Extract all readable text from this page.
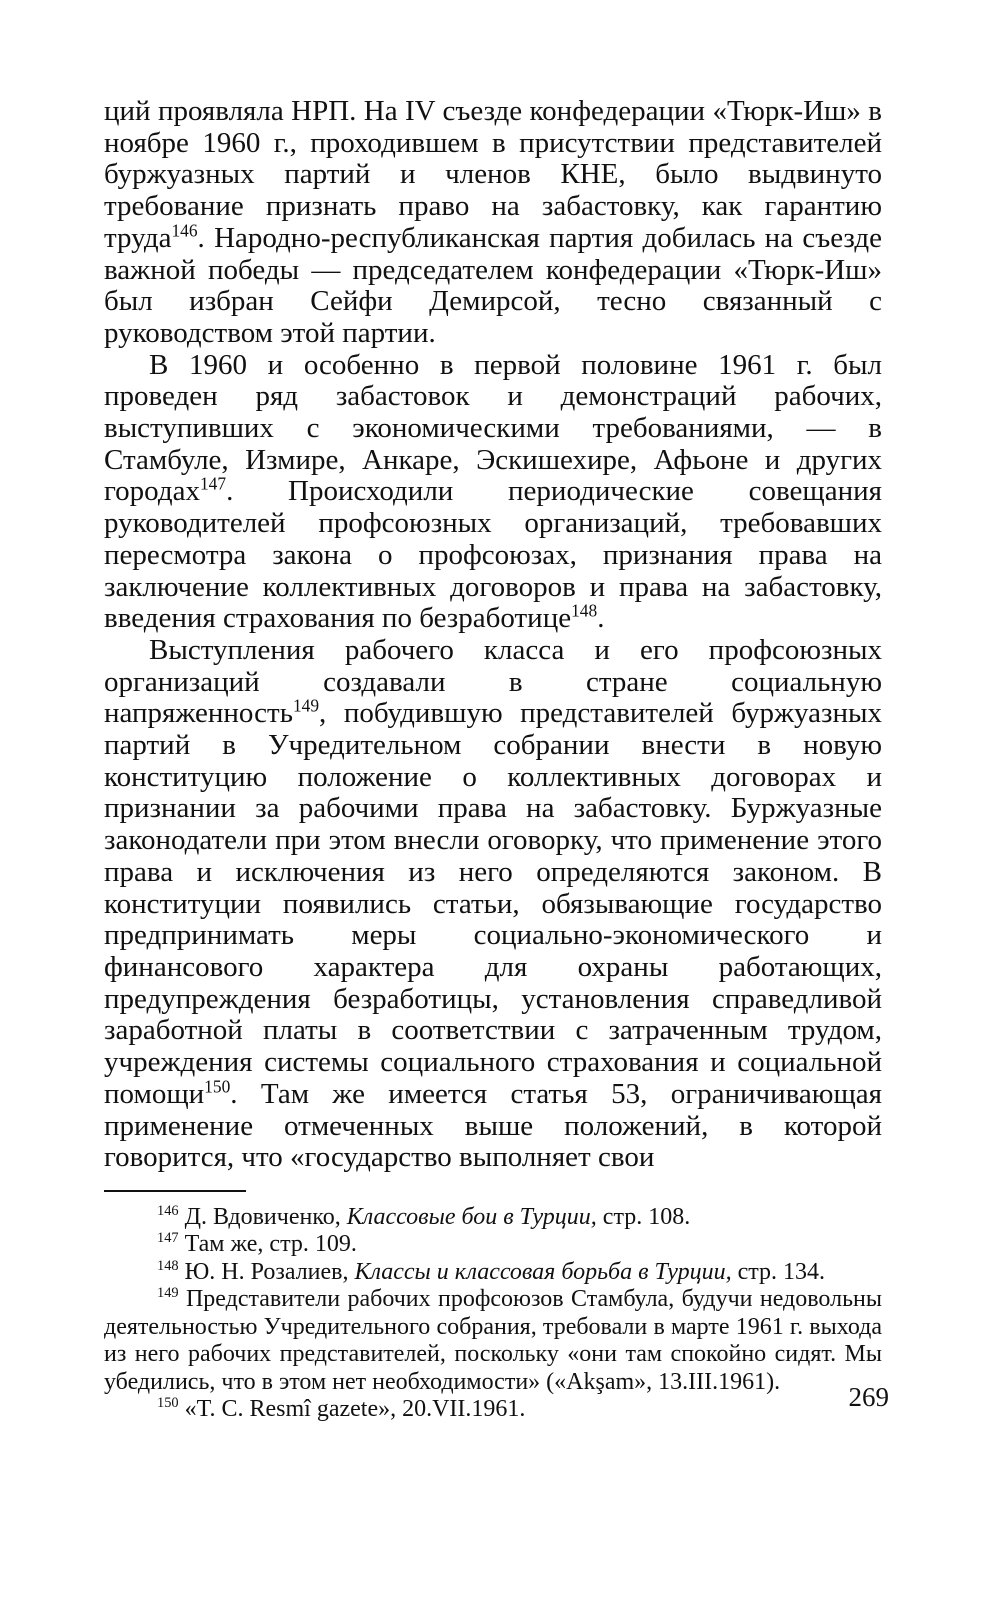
ций проявляла НРП. На IV съезде конфедерации «Тюрк-Иш» в ноябре 1960 г., проходившем в присутствии представителей буржуазных партий и членов КНЕ, было выдвинуто требование признать право на забастовку, как гарантию труда$^{146}$. Народно-республиканская партия добилась на съезде важной победы — председателем конфедерации «Тюрк-Иш» был избран Сейфи Демирсой, тесно связанный с руководством этой партии.

В 1960 и особенно в первой половине 1961 г. был проведен ряд забастовок и демонстраций рабочих, выступивших с экономическими требованиями, — в Стамбуле, Измире, Анкаре, Эскишехире, Афьоне и других городах$^{147}$. Происходили периодические совещания руководителей профсоюзных организаций, требовавших пересмотра закона о профсоюзах, признания права на заключение коллективных договоров и права на забастовку, введения страхования по безработице$^{148}$.

Выступления рабочего класса и его профсоюзных организаций создавали в стране социальную напряженность$^{149}$, побудившую представителей буржуазных партий в Учредительном собрании внести в новую конституцию положение о коллективных договорах и признании за рабочими права на забастовку. Буржуазные законодатели при этом внесли оговорку, что применение этого права и исключения из него определяются законом. В конституции появились статьи, обязывающие государство предпринимать меры социально-экономического и финансового характера для охраны работающих, предупреждения безработицы, установления справедливой заработной платы в соответствии с затраченным трудом, учреждения системы социального страхования и социальной помощи$^{150}$. Там же имеется статья 53, ограничивающая применение отмеченных выше положений, в которой говорится, что «государство выполняет свои

$^{146}$ Д. Вдовиченко, Классовые бои в Турции, стр. 108.

$^{147}$ Там же, стр. 109.

$^{148}$ Ю. Н. Розалиев, Классы и классовая борьба в Турции, стр. 134.

$^{149}$ Представители рабочих профсоюзов Стамбула, будучи недовольны деятельностью Учредительного собрания, требовали в марте 1961 г. выхода из него рабочих представителей, поскольку «они там спокойно сидят. Мы убедились, что в этом нет необходимости» («Akşam», 13.III.1961).

$^{150}$ «T. C. Resmî gazete», 20.VII.1961.	269
